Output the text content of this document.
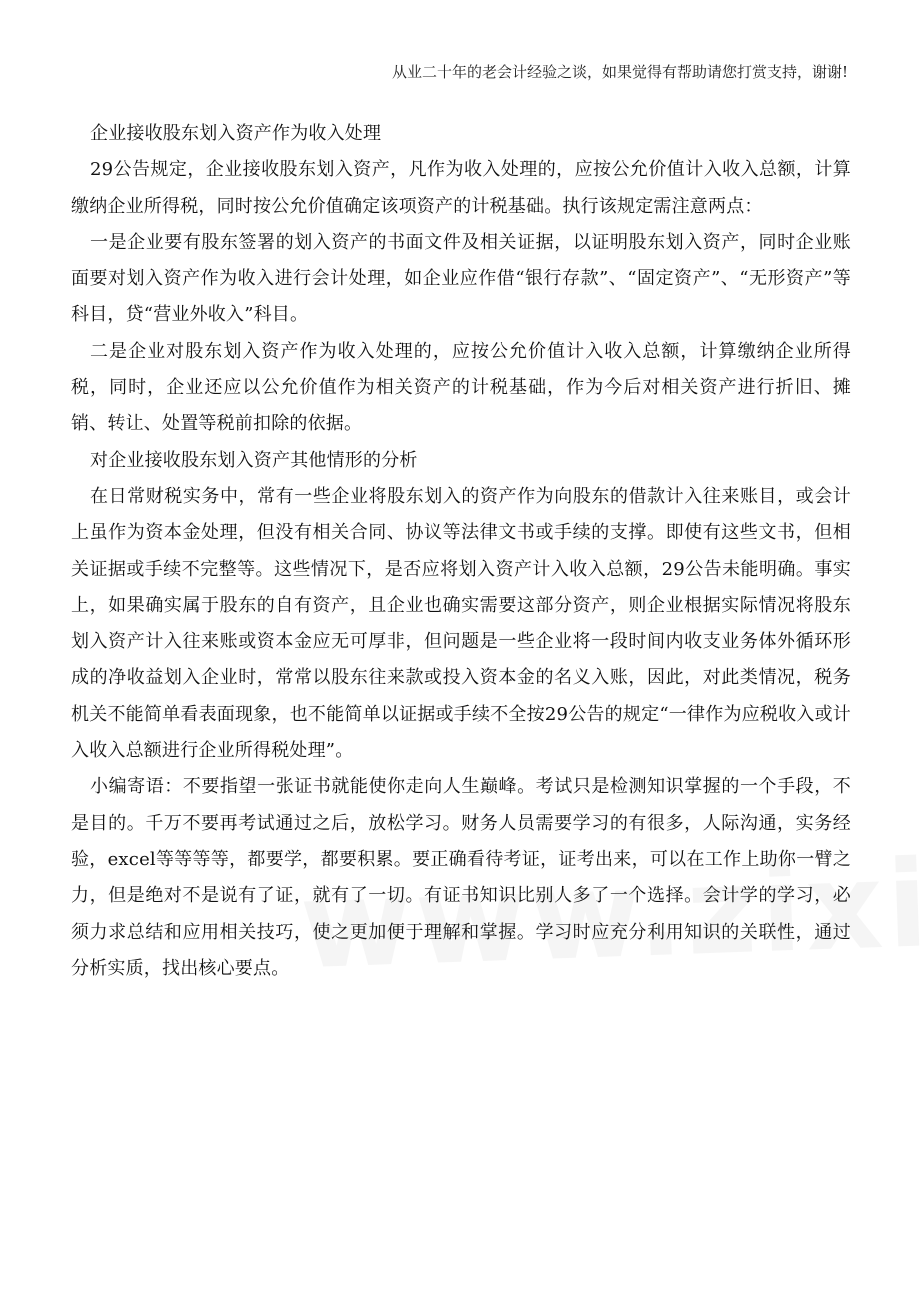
从业二十年的老会计经验之谈，如果觉得有帮助请您打赏支持，谢谢!

企业接收股东划入资产作为收入处理

29公告规定，企业接收股东划入资产，凡作为收入处理的，应按公允价值计入收入总额，计算缴纳企业所得税，同时按公允价值确定该项资产的计税基础。执行该规定需注意两点：

一是企业要有股东签署的划入资产的书面文件及相关证据，以证明股东划入资产，同时企业账面要对划入资产作为收入进行会计处理，如企业应作借“银行存款”、“固定资产”、“无形资产”等科目，贷“营业外收入”科目。

二是企业对股东划入资产作为收入处理的，应按公允价值计入收入总额，计算缴纳企业所得税，同时，企业还应以公允价值作为相关资产的计税基础，作为今后对相关资产进行折旧、摊销、转让、处置等税前扣除的依据。

对企业接收股东划入资产其他情形的分析

在日常财税实务中，常有一些企业将股东划入的资产作为向股东的借款计入往来账目，或会计上虽作为资本金处理，但没有相关合同、协议等法律文书或手续的支撑。即使有这些文书，但相关证据或手续不完整等。这些情况下，是否应将划入资产计入收入总额，29公告未能明确。事实上，如果确实属于股东的自有资产，且企业也确实需要这部分资产，则企业根据实际情况将股东划入资产计入往来账或资本金应无可厚非，但问题是一些企业将一段时间内收支业务体外循环形成的净收益划入企业时，常常以股东往来款或投入资本金的名义入账，因此，对此类情况，税务机关不能简单看表面现象，也不能简单以证据或手续不全按29公告的规定“一律作为应税收入或计入收入总额进行企业所得税处理”。

小编寄语：不要指望一张证书就能使你走向人生巅峰。考试只是检测知识掌握的一个手段，不是目的。千万不要再考试通过之后，放松学习。财务人员需要学习的有很多，人际沟通，实务经验，excel等等等等，都要学，都要积累。要正确看待考证，证考出来，可以在工作上助你一臂之力，但是绝对不是说有了证，就有了一切。有证书知识比别人多了一个选择。会计学的学习，必须力求总结和应用相关技巧，使之更加便于理解和掌握。学习时应充分利用知识的关联性，通过分析实质，找出核心要点。
